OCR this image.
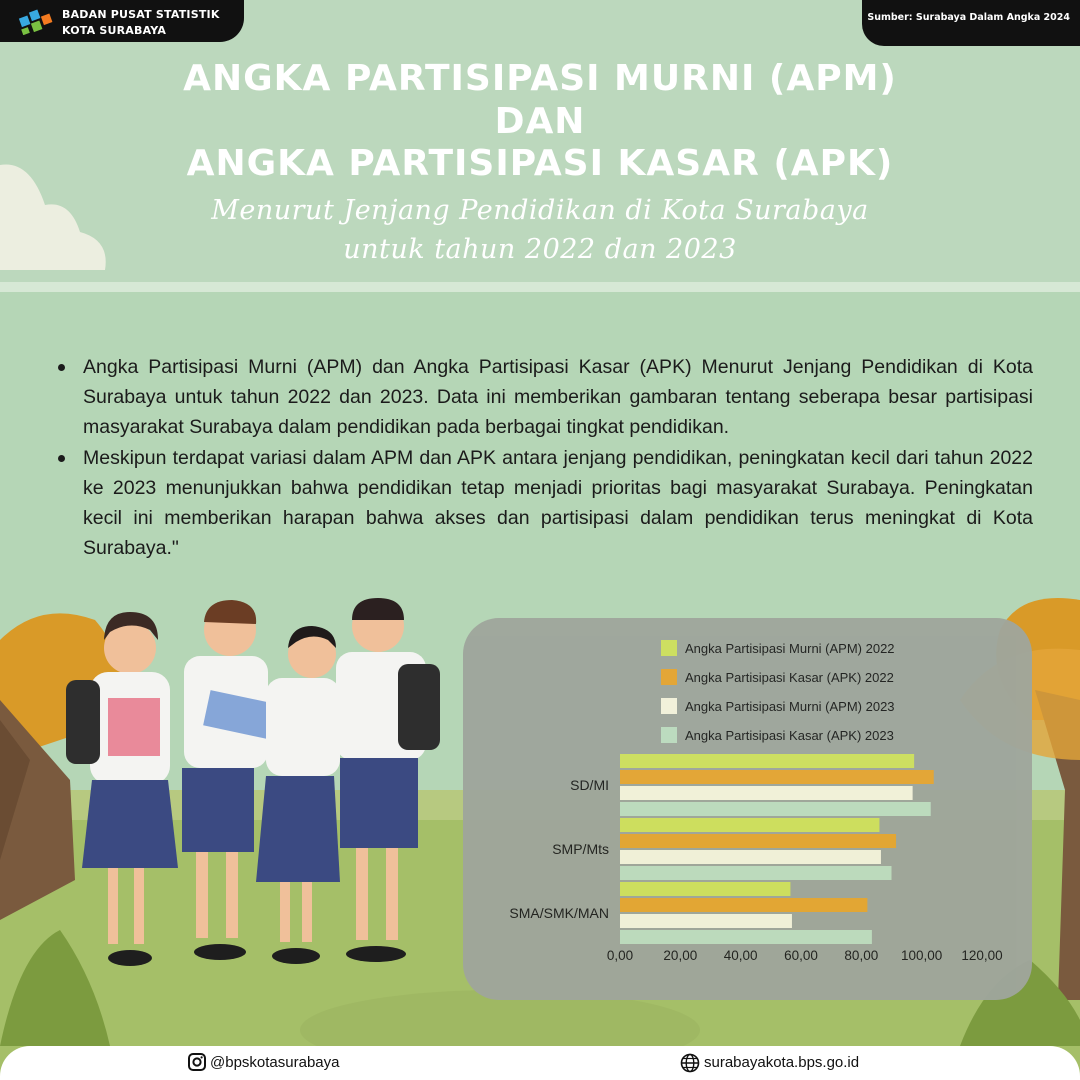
BADAN PUSAT STATISTIK
KOTA SURABAYA
Sumber: Surabaya Dalam Angka 2024
ANGKA PARTISIPASI MURNI (APM)
DAN
ANGKA PARTISIPASI KASAR (APK)
Menurut Jenjang Pendidikan di Kota Surabaya
untuk tahun 2022 dan 2023
Angka Partisipasi Murni (APM) dan Angka Partisipasi Kasar (APK) Menurut Jenjang Pendidikan di Kota Surabaya untuk tahun 2022 dan 2023. Data ini memberikan gambaran tentang seberapa besar partisipasi masyarakat Surabaya dalam pendidikan pada berbagai tingkat pendidikan.
Meskipun terdapat variasi dalam APM dan APK antara jenjang pendidikan, peningkatan kecil dari tahun 2022 ke 2023 menunjukkan bahwa pendidikan tetap menjadi prioritas bagi masyarakat Surabaya. Peningkatan kecil ini memberikan harapan bahwa akses dan partisipasi dalam pendidikan terus meningkat di Kota Surabaya."
Angka Partisipasi Murni (APM) 2022
Angka Partisipasi Kasar (APK) 2022
Angka Partisipasi Murni (APM) 2023
Angka Partisipasi Kasar (APK) 2023
SD/MI
SMP/Mts
SMA/SMK/MAN
0,00 20,00 40,00 60,00 80,00 100,00 120,00
@bpskotasurabaya	surabayakota.bps.go.id
